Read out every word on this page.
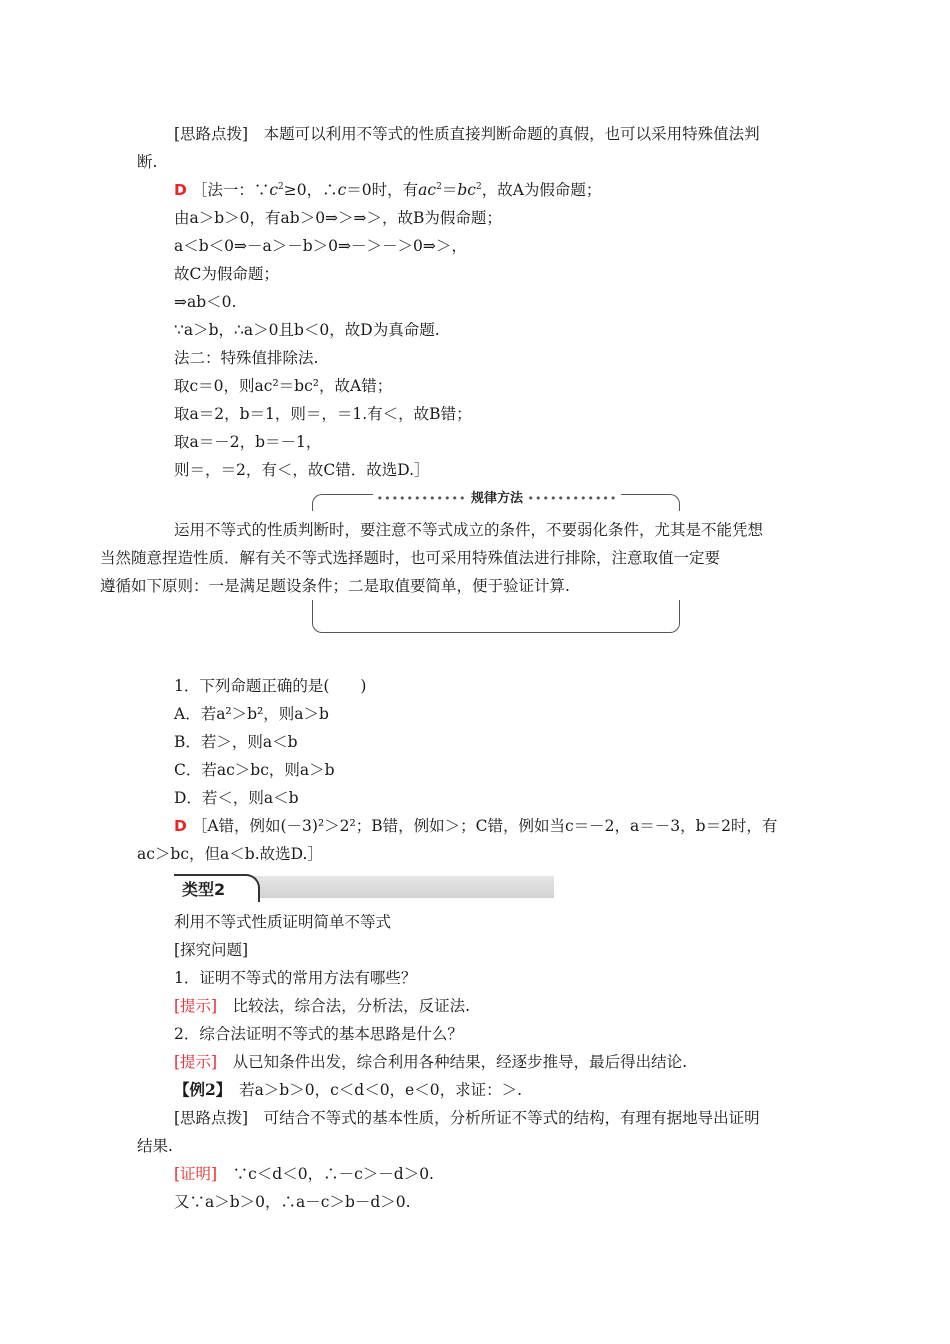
[思路点拨]　本题可以利用不等式的性质直接判断命题的真假，也可以采用特殊值法判
断.
D ［法一：$\because c^2\ge 0$，∴c＝0时，有$ac^2=bc^2$，故A为假命题；
由a＞b＞0，有ab＞0⇒＞⇒＞，故B为假命题；
a＜b＜0⇒－a＞－b＞0⇒－＞－＞0⇒＞，
故C为假命题；
⇒ab＜0.
∵a＞b，∴a＞0且b＜0，故D为真命题.
法二：特殊值排除法.
取c＝0，则ac²＝bc²，故A错；
取a＝2，b＝1，则＝，＝1.有＜，故B错；
取a＝－2，b＝－1，
则＝，＝2，有＜，故C错．故选D.］
•••••••••••• 规律方法 ••••••••••••
运用不等式的性质判断时，要注意不等式成立的条件，不要弱化条件，尤其是不能凭想
当然随意捏造性质．解有关不等式选择题时，也可采用特殊值法进行排除，注意取值一定要
遵循如下原则：一是满足题设条件；二是取值要简单，便于验证计算.
1．下列命题正确的是(　　)
A．若a²＞b²，则a＞b
B．若＞，则a＜b
C．若ac＞bc，则a＞b
D．若＜，则a＜b
D ［A错，例如(－3)²＞2²；B错，例如＞；C错，例如当c＝－2，a＝－3，b＝2时，有
ac＞bc，但a＜b.故选D.］
类型2
利用不等式性质证明简单不等式
[探究问题]
1．证明不等式的常用方法有哪些？
[提示]　 比较法，综合法，分析法，反证法.
2．综合法证明不等式的基本思路是什么？
[提示]　 从已知条件出发，综合利用各种结果，经逐步推导，最后得出结论.
【例2】　 若a＞b＞0，c＜d＜0，e＜0，求证：＞.
[思路点拨]　可结合不等式的基本性质，分析所证不等式的结构，有理有据地导出证明
结果.
[证明]　 ∵c＜d＜0，∴－c＞－d＞0.
又∵a＞b＞0，∴a－c＞b－d＞0.
